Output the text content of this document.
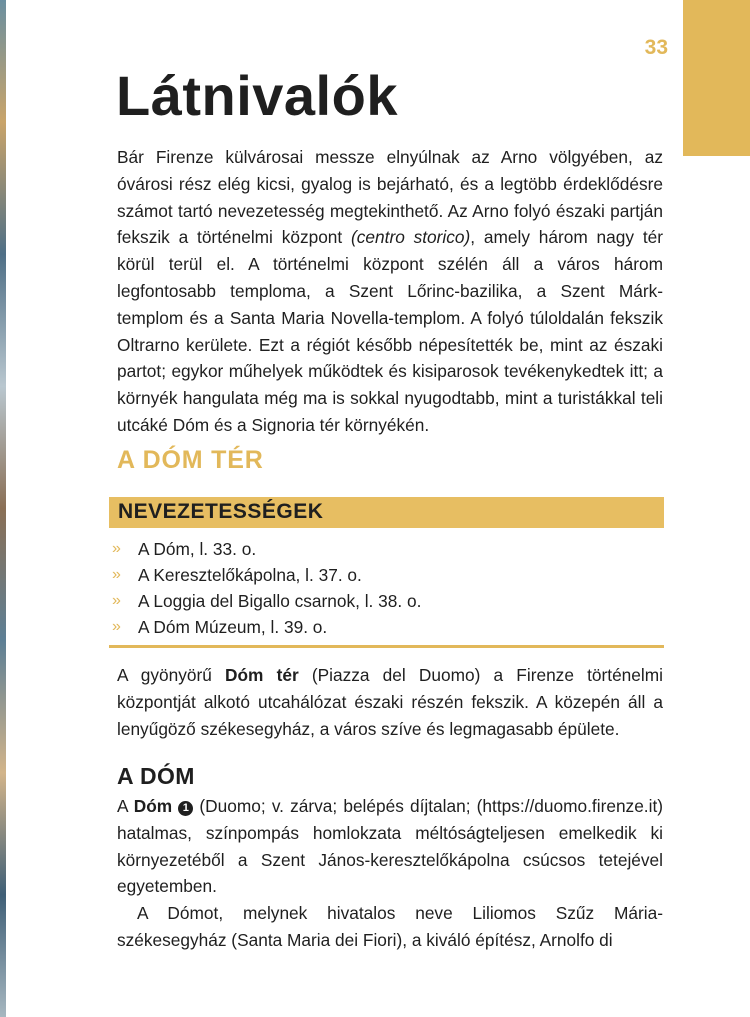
33
Látnivalók

Bár Firenze külvárosai messze elnyúlnak az Arno völgyében, az óvárosi rész elég kicsi, gyalog is bejárható, és a legtöbb érdeklődésre számot tartó nevezetesség megtekinthető. Az Arno folyó északi partján fekszik a történelmi központ (centro storico), amely három nagy tér körül terül el. A történelmi központ szélén áll a város három legfontosabb temploma, a Szent Lőrinc-bazilika, a Szent Márk-templom és a Santa Maria Novella-templom. A folyó túloldalán fekszik Oltrarno kerülete. Ezt a régiót később népesítették be, mint az északi partot; egykor műhelyek működtek és kisiparosok tevékenykedtek itt; a környék hangulata még ma is sokkal nyugodtabb, mint a turistákkal teli utcáké Dóm és a Signoria tér környékén.

A DÓM TÉR
NEVEZETESSÉGEK
» A Dóm, l. 33. o.
» A Keresztelőkápolna, l. 37. o.
» A Loggia del Bigallo csarnok, l. 38. o.
» A Dóm Múzeum, l. 39. o.

A gyönyörű Dóm tér (Piazza del Duomo) a Firenze történelmi központját alkotó utcahálózat északi részén fekszik. A közepén áll a lenyűgöző székesegyház, a város szíve és legmagasabb épülete.

A DÓM

A Dóm 1 (Duomo; v. zárva; belépés díjtalan; (https://duomo.firenze.it) hatalmas, színpompás homlokzata méltóságteljesen emelkedik ki környezetéből a Szent János-keresztelőkápolna csúcsos tetejével egyetemben.

A Dómot, melynek hivatalos neve Liliomos Szűz Mária-székesegyház (Santa Maria dei Fiori), a kiváló építész, Arnolfo di
